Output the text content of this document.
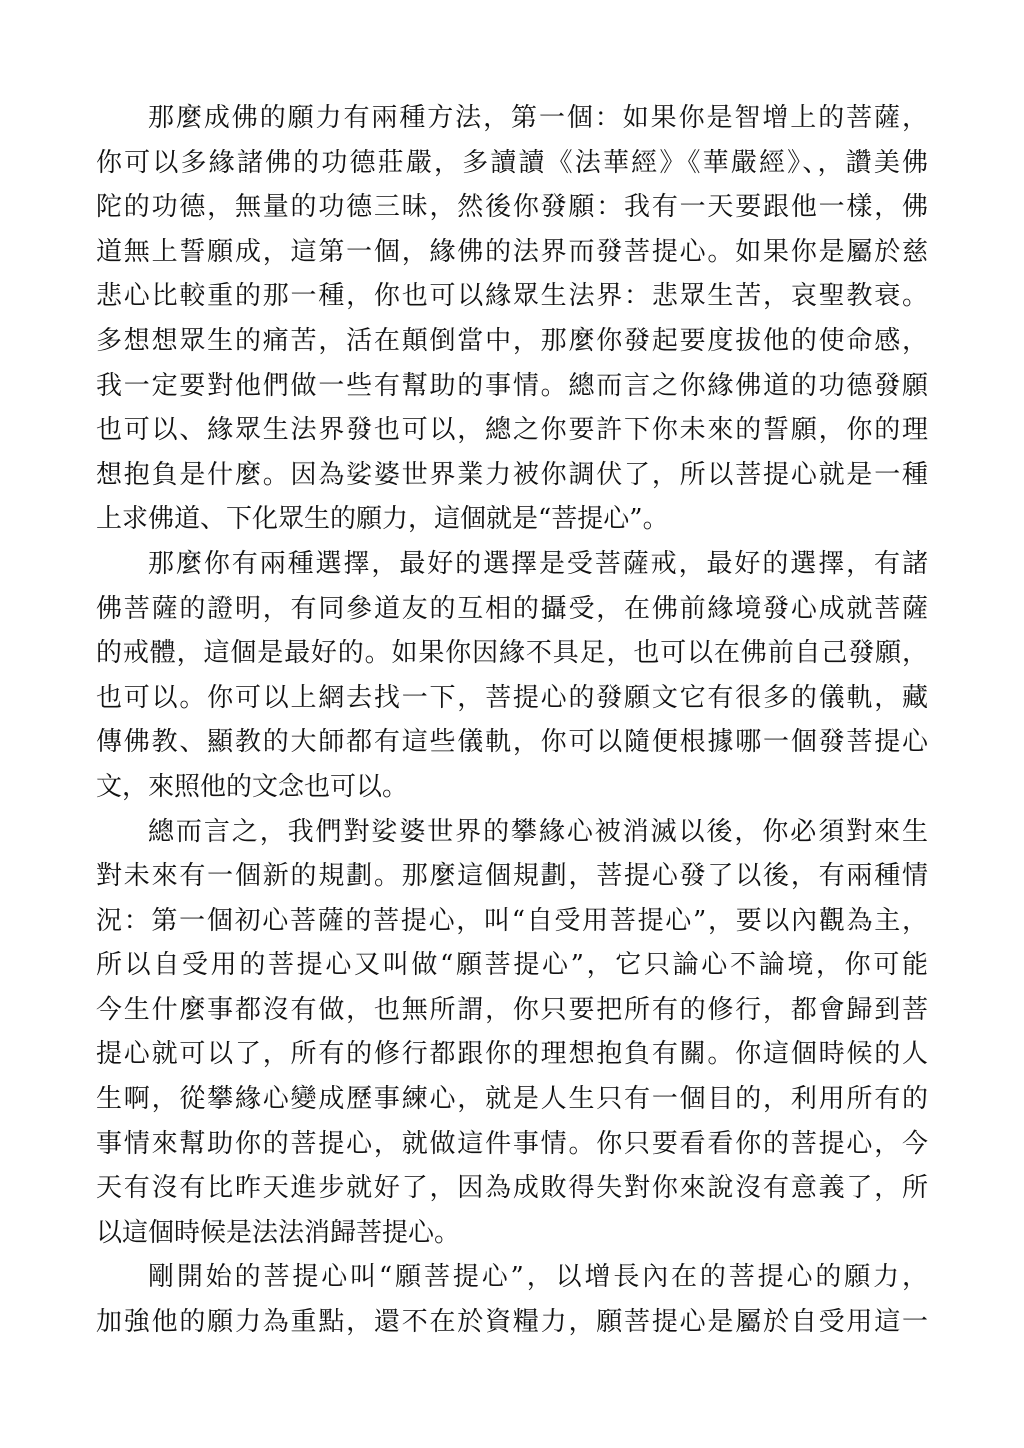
那麼成佛的願力有兩種方法，第一個：如果你是智增上的菩薩，
你可以多緣諸佛的功德莊嚴，多讀讀《法華經》《華嚴經》、，讚美佛
陀的功德，無量的功德三昧，然後你發願：我有一天要跟他一樣，佛
道無上誓願成，這第一個，緣佛的法界而發菩提心。如果你是屬於慈
悲心比較重的那一種，你也可以緣眾生法界：悲眾生苦，哀聖教衰。
多想想眾生的痛苦，活在顛倒當中，那麼你發起要度拔他的使命感，
我一定要對他們做一些有幫助的事情。總而言之你緣佛道的功德發願
也可以、緣眾生法界發也可以，總之你要許下你未來的誓願，你的理
想抱負是什麼。因為娑婆世界業力被你調伏了，所以菩提心就是一種
上求佛道、下化眾生的願力，這個就是“菩提心”。
那麼你有兩種選擇，最好的選擇是受菩薩戒，最好的選擇，有諸
佛菩薩的證明，有同參道友的互相的攝受，在佛前緣境發心成就菩薩
的戒體，這個是最好的。如果你因緣不具足，也可以在佛前自己發願，
也可以。你可以上網去找一下，菩提心的發願文它有很多的儀軌，藏
傳佛教、顯教的大師都有這些儀軌，你可以隨便根據哪一個發菩提心
文，來照他的文念也可以。
總而言之，我們對娑婆世界的攀緣心被消滅以後，你必須對來生
對未來有一個新的規劃。那麼這個規劃，菩提心發了以後，有兩種情
況：第一個初心菩薩的菩提心，叫“自受用菩提心”，要以內觀為主，
所以自受用的菩提心又叫做“願菩提心”，它只論心不論境，你可能
今生什麼事都沒有做，也無所謂，你只要把所有的修行，都會歸到菩
提心就可以了，所有的修行都跟你的理想抱負有關。你這個時候的人
生啊，從攀緣心變成歷事練心，就是人生只有一個目的，利用所有的
事情來幫助你的菩提心，就做這件事情。你只要看看你的菩提心，今
天有沒有比昨天進步就好了，因為成敗得失對你來說沒有意義了，所
以這個時候是法法消歸菩提心。
剛開始的菩提心叫“願菩提心”，以增長內在的菩提心的願力，
加強他的願力為重點，還不在於資糧力，願菩提心是屬於自受用這一
